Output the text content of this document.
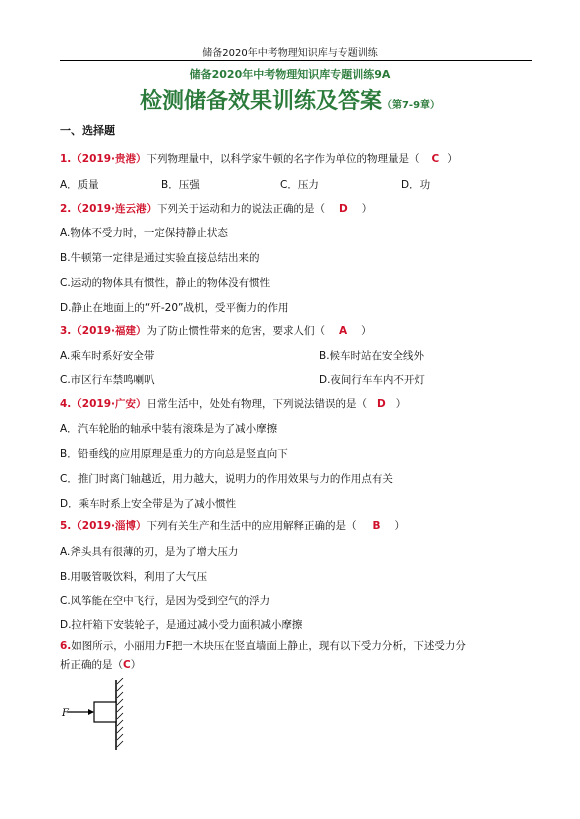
储备2020年中考物理知识库与专题训练
储备2020年中考物理知识库专题训练9A
检测储备效果训练及答案（第7-9章）
一、选择题
1.（2019·贵港）下列物理量中，以科学家牛顿的名字作为单位的物理量是（ C ）
A．质量	B．压强	C．压力	D．功
2.（2019·连云港）下列关于运动和力的说法正确的是（ D ）
A.物体不受力时，一定保持静止状态
B.牛顿第一定律是通过实验直接总结出来的
C.运动的物体具有惯性，静止的物体没有惯性
D.静止在地面上的“歼-20”战机，受平衡力的作用
3.（2019·福建）为了防止惯性带来的危害，要求人们（ A ）
A.乘车时系好安全带	B.候车时站在安全线外
C.市区行车禁鸣喇叭	D.夜间行车车内不开灯
4.（2019·广安）日常生活中，处处有物理，下列说法错误的是（ D ）
A．汽车轮胎的轴承中装有滚珠是为了减小摩擦
B．铅垂线的应用原理是重力的方向总是竖直向下
C．推门时离门轴越近，用力越大，说明力的作用效果与力的作用点有关
D．乘车时系上安全带是为了减小惯性
5.（2019·淄博）下列有关生产和生活中的应用解释正确的是（ B ）
A.斧头具有很薄的刃，是为了增大压力
B.用吸管吸饮料，利用了大气压
C.风筝能在空中飞行，是因为受到空气的浮力
D.拉杆箱下安装轮子，是通过减小受力面积减小摩擦
6.如图所示，小丽用力F把一木块压在竖直墙面上静止，现有以下受力分析，下述受力分
析正确的是（C）
F
